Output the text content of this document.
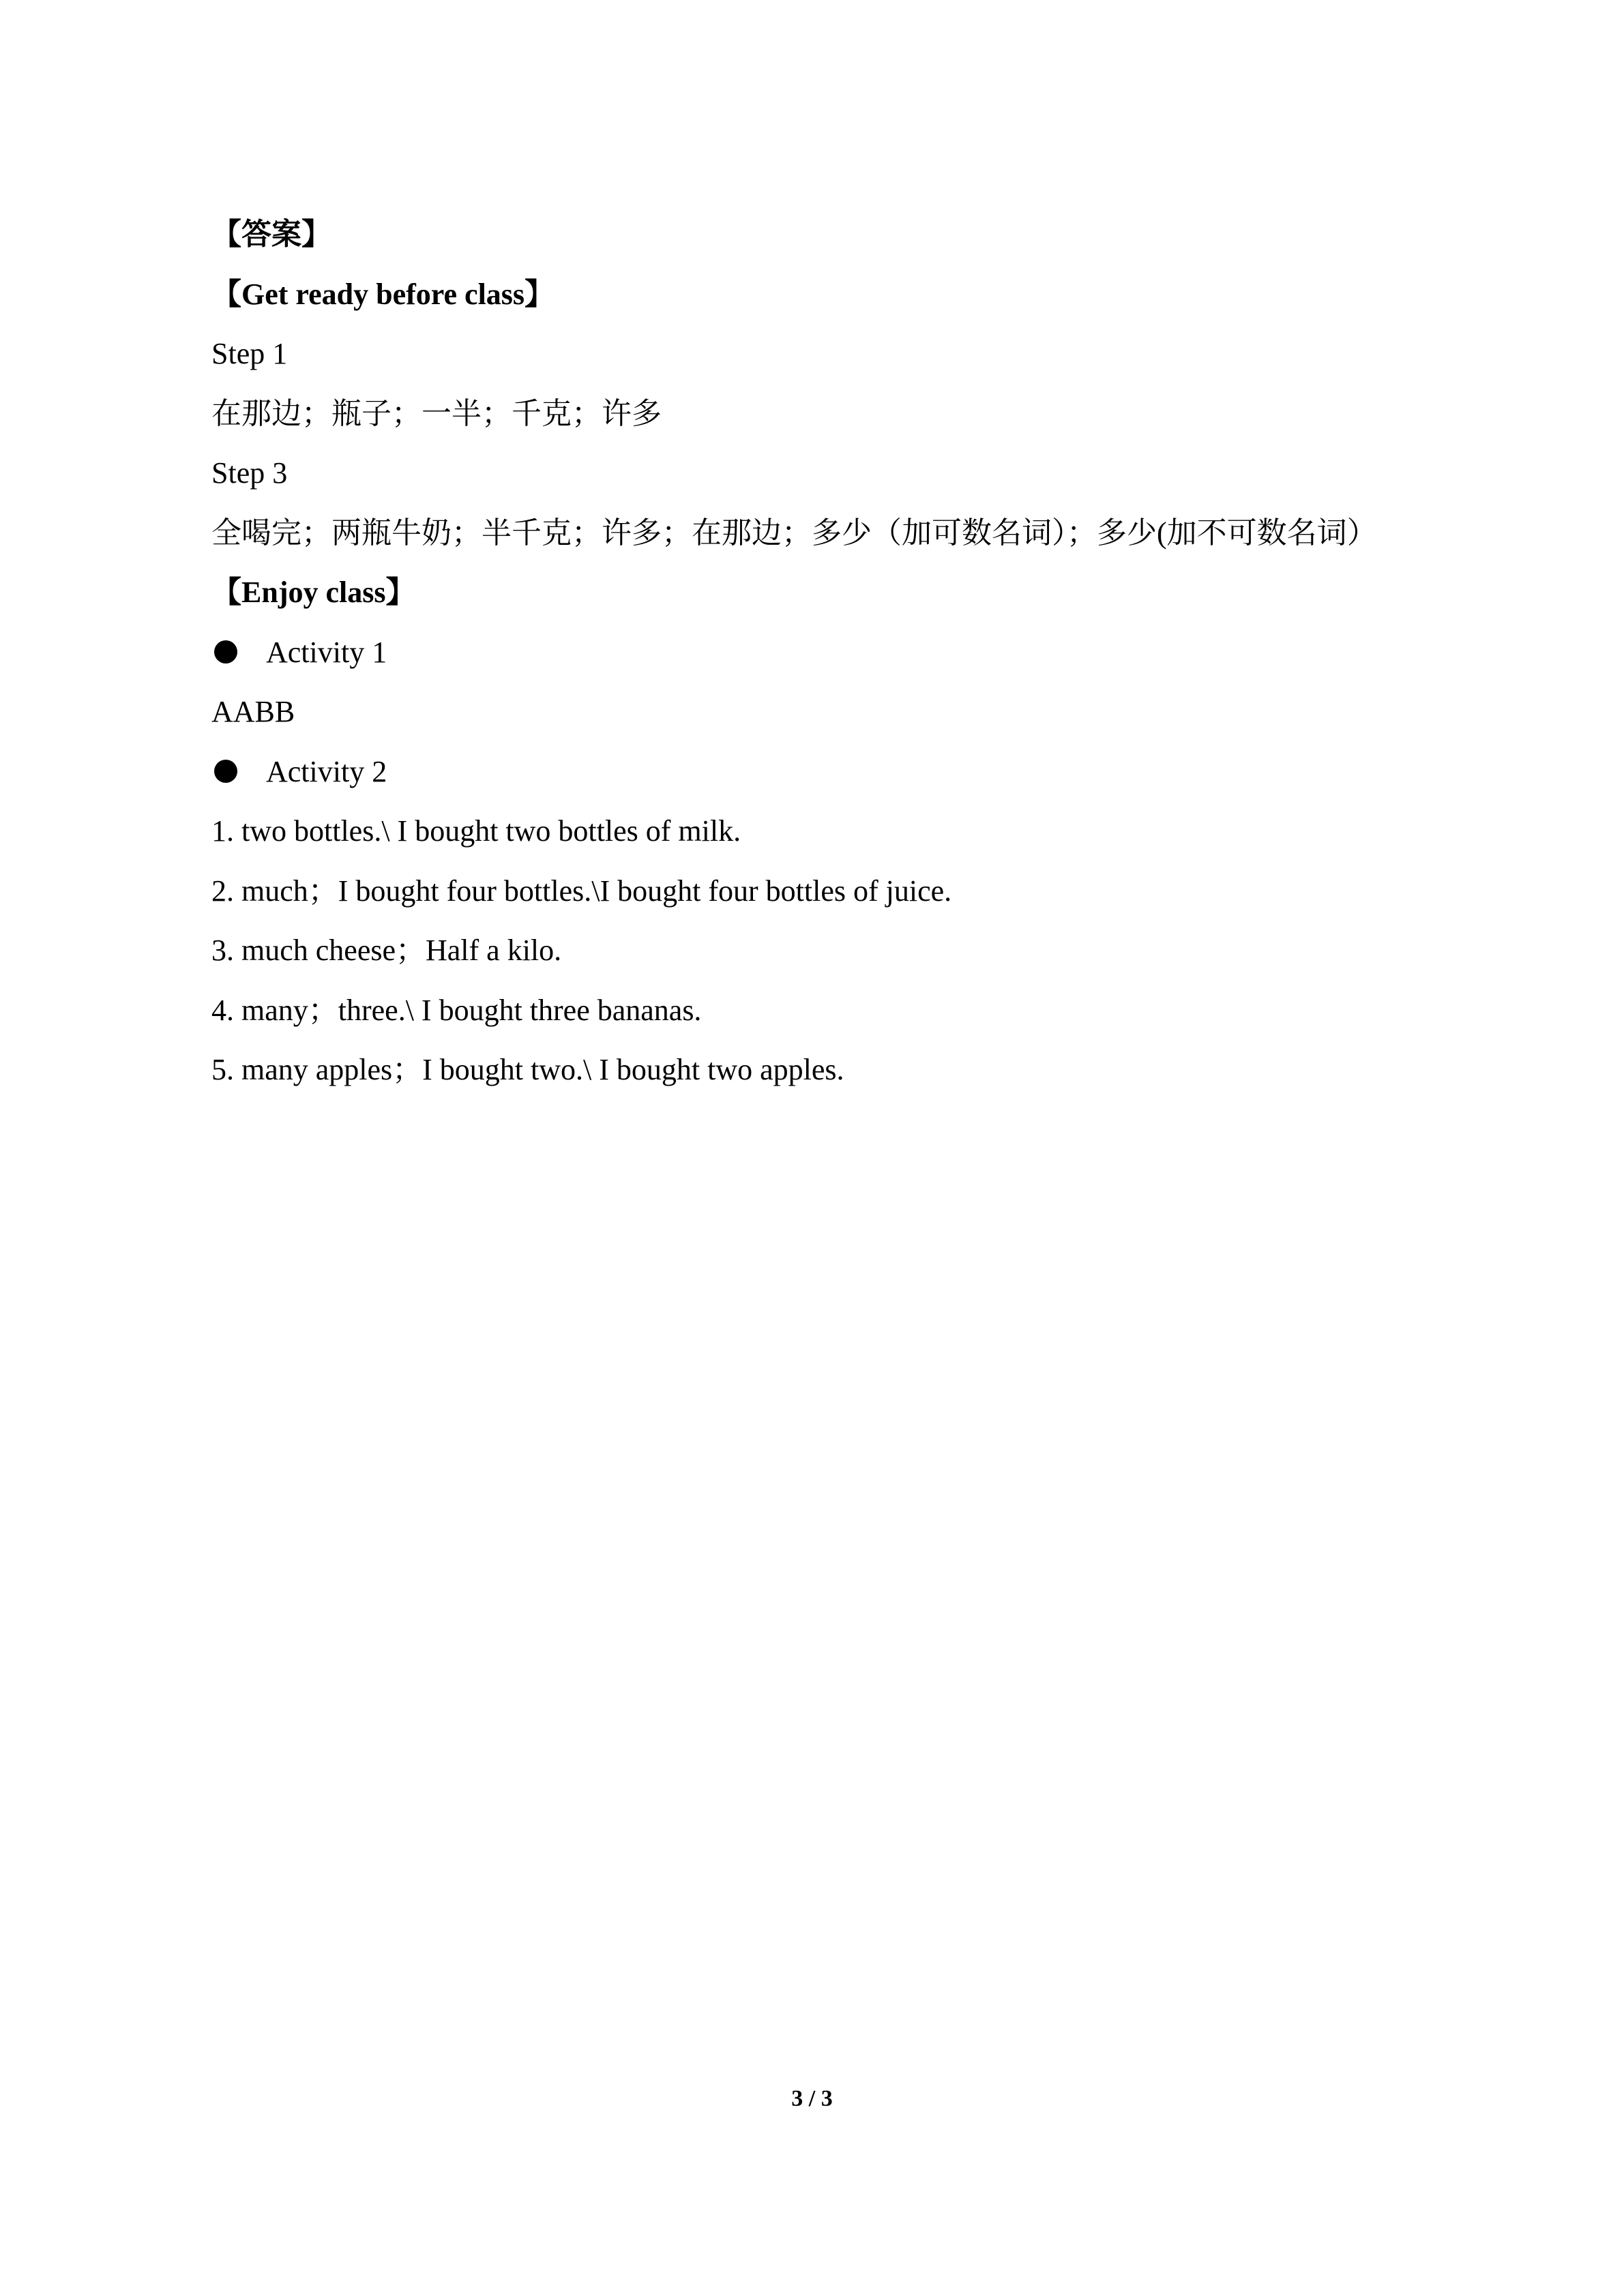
【答案】
【Get ready before class】
Step 1
在那边；瓶子；一半；千克；许多
Step 3
全喝完；两瓶牛奶；半千克；许多；在那边；多少（加可数名词）；多少(加不可数名词）
【Enjoy class】
Activity 1
AABB
Activity 2
1. two bottles.\ I bought two bottles of milk.
2. much；I bought four bottles.\I bought four bottles of juice.
3. much cheese；Half a kilo.
4. many；three.\ I bought three bananas.
5. many apples；I bought two.\ I bought two apples.
3 / 3
